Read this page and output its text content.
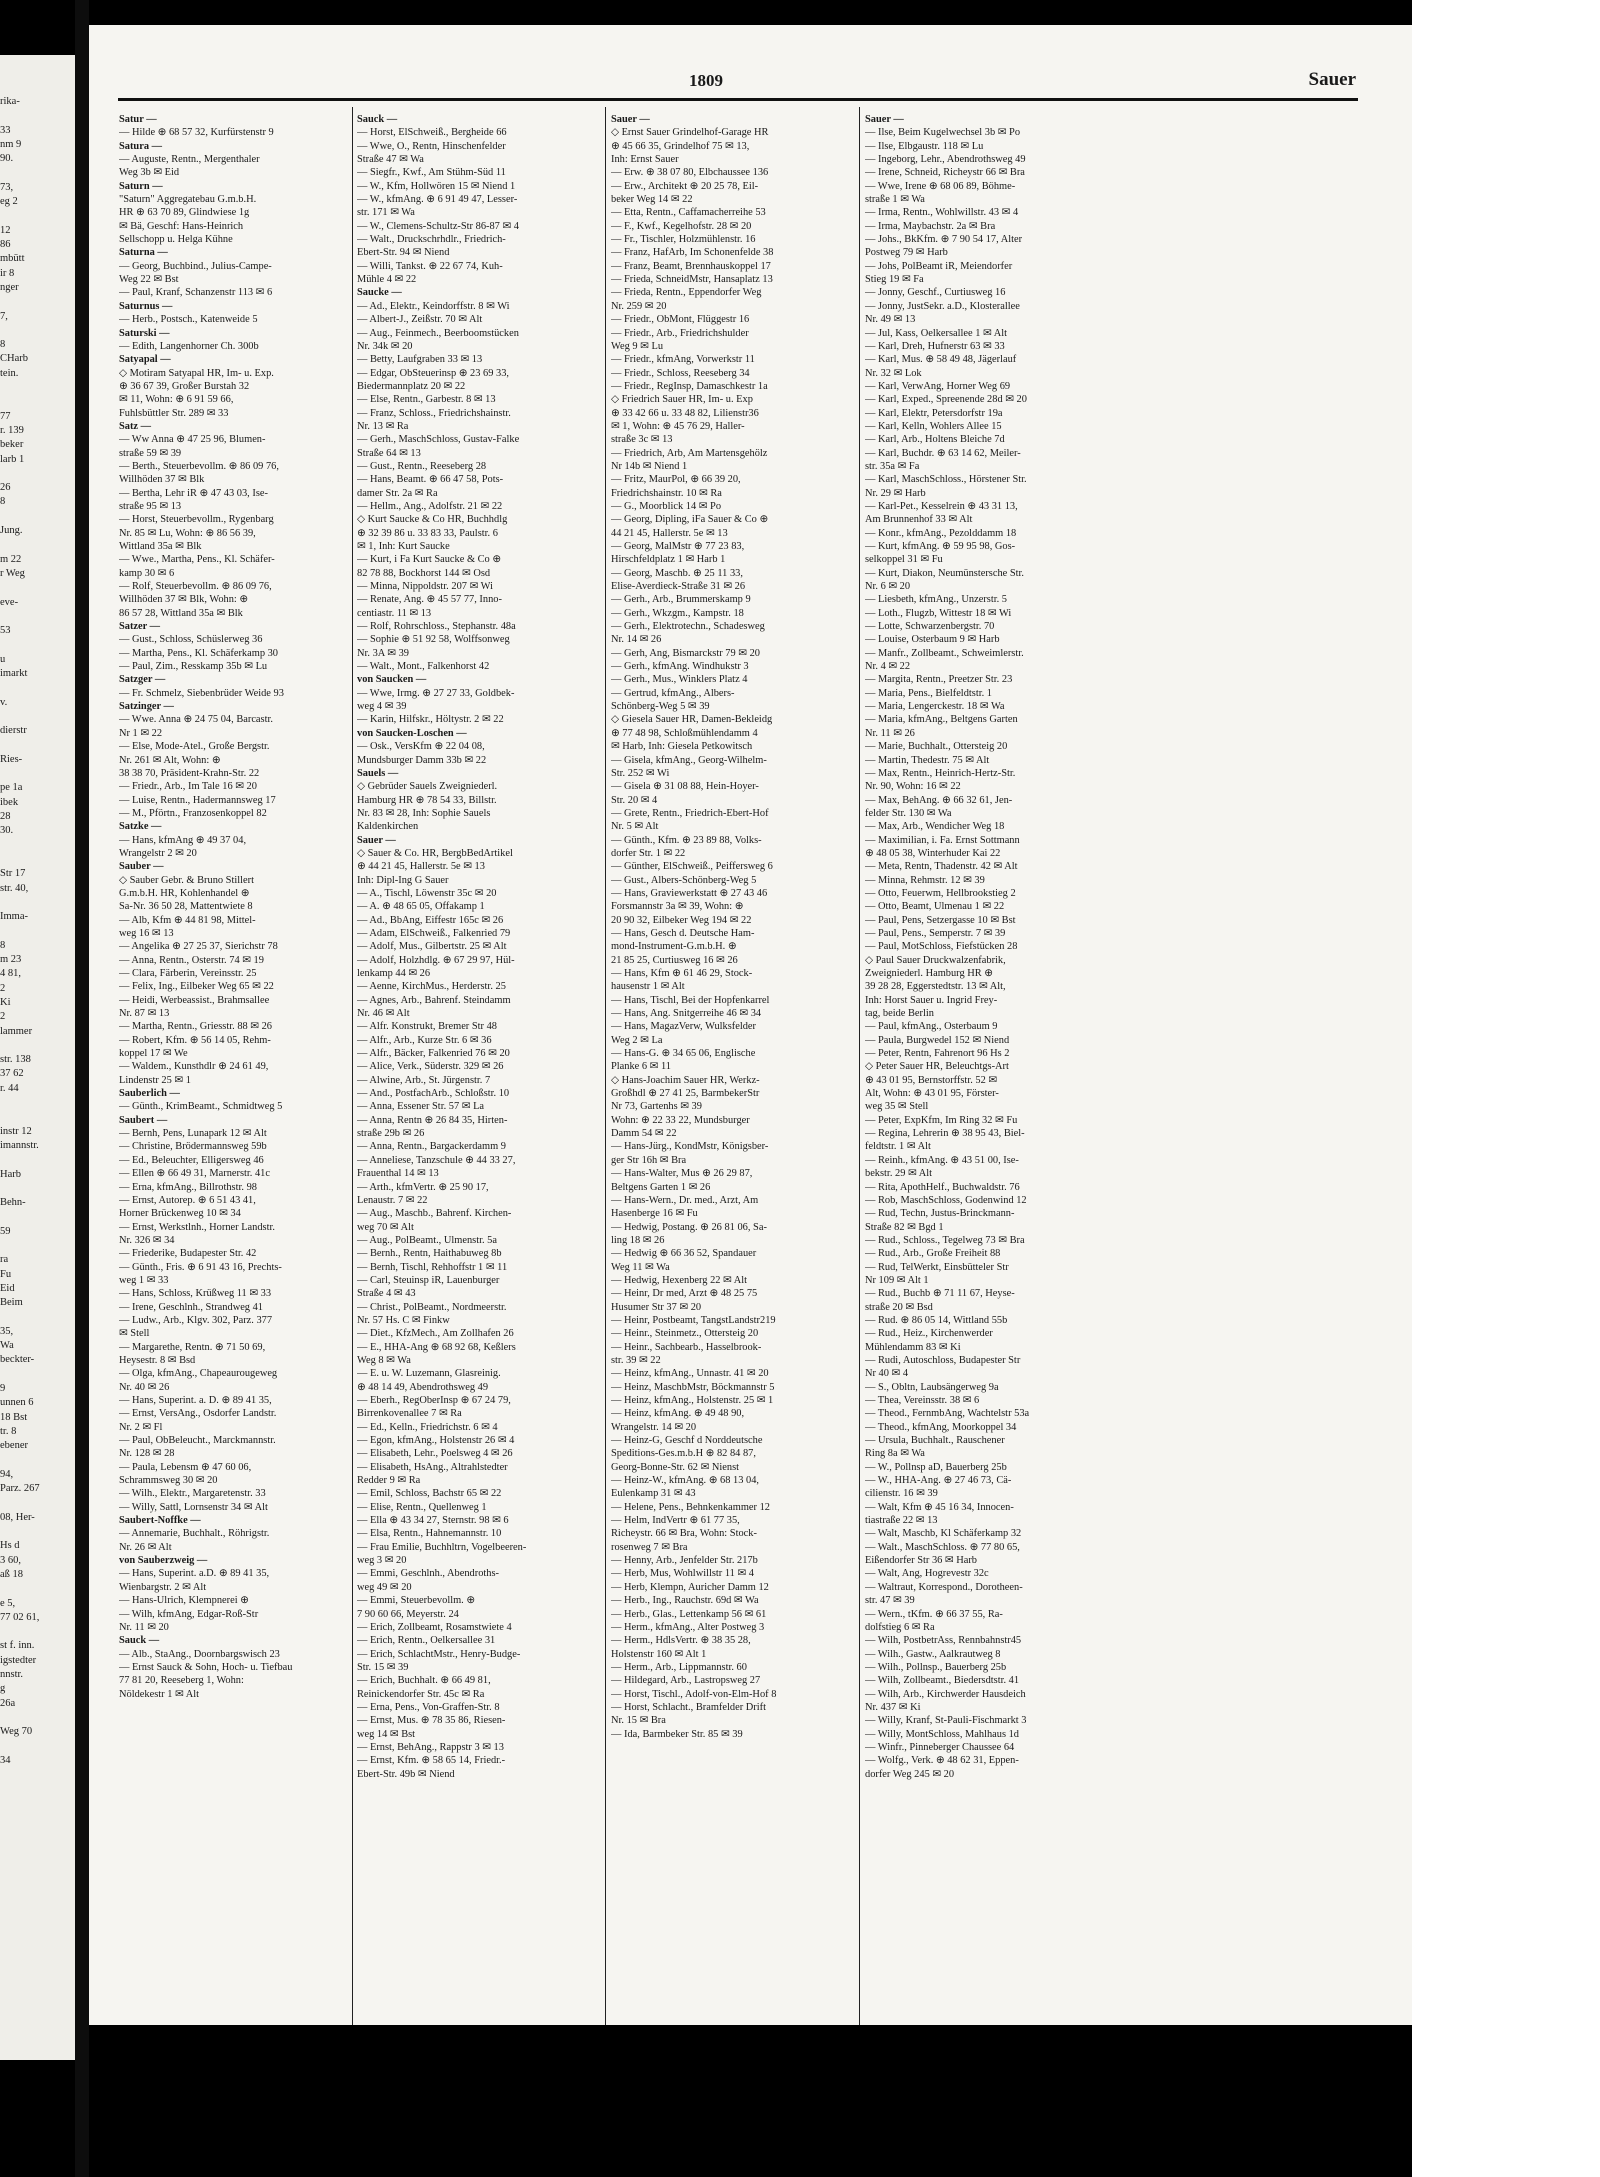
rika-
33
nm 9
90.
73,
eg 2
12
86
mbütt
ir 8
nger
7,
8
CHarb
tein.
77
r. 139
beker
larb 1
26
8
Jung.
m 22
r Weg
eve-
53
u
imarkt
v.
dierstr
Ries-
pe 1a
ibek
28
30.
Str 17
str. 40,
Imma-
8
m 23
4 81,
2
Ki
2
lammer
str. 138
37 62
r. 44
instr 12
imannstr.
Harb
Behn-
59
ra
Fu
Eid
Beim
35,
Wa
beckter-
9
unnen 6
18 Bst
tr. 8
ebener
94,
Parz. 267
08, Her-
Hs d
3 60,
aß 18
e 5,
77 02 61,
st f. inn.
igstedter
nnstr.
g
26a
Weg 70
34
1809	Sauer
Satur —
— Hilde ⊕ 68 57 32, Kurfürstenstr 9
Satura —
— Auguste, Rentn., Mergenthaler
Weg 3b ✉ Eid
Saturn —
"Saturn" Aggregatebau G.m.b.H.
HR ⊕ 63 70 89, Glindwiese 1g
✉ Bä, Geschf: Hans-Heinrich
Sellschopp u. Helga Kühne
Saturna —
— Georg, Buchbind., Julius-Campe-
Weg 22 ✉ Bst
— Paul, Kranf, Schanzenstr 113 ✉ 6
Saturnus —
— Herb., Postsch., Katenweide 5
Saturski —
— Edith, Langenhorner Ch. 300b
Satyapal —
◇ Motiram Satyapal HR, Im- u. Exp.
⊕ 36 67 39, Großer Burstah 32
✉ 11, Wohn: ⊕ 6 91 59 66,
Fuhlsbüttler Str. 289 ✉ 33
Satz —
— Ww Anna ⊕ 47 25 96, Blumen-
straße 59 ✉ 39
— Berth., Steuerbevollm. ⊕ 86 09 76,
Willhöden 37 ✉ Blk
— Bertha, Lehr iR ⊕ 47 43 03, Ise-
straße 95 ✉ 13
— Horst, Steuerbevollm., Rygenbarg
Nr. 85 ✉ Lu, Wohn: ⊕ 86 56 39,
Wittland 35a ✉ Blk
— Wwe., Martha, Pens., Kl. Schäfer-
kamp 30 ✉ 6
— Rolf, Steuerbevollm. ⊕ 86 09 76,
Willhöden 37 ✉ Blk, Wohn: ⊕
86 57 28, Wittland 35a ✉ Blk
Satzer —
— Gust., Schloss, Schüslerweg 36
— Martha, Pens., Kl. Schäferkamp 30
— Paul, Zim., Resskamp 35b ✉ Lu
Satzger —
— Fr. Schmelz, Siebenbrüder Weide 93
Satzinger —
— Wwe. Anna ⊕ 24 75 04, Barcastr.
Nr 1 ✉ 22
— Else, Mode-Atel., Große Bergstr.
Nr. 261 ✉ Alt, Wohn: ⊕
38 38 70, Präsident-Krahn-Str. 22
— Friedr., Arb., Im Tale 16 ✉ 20
— Luise, Rentn., Hadermannsweg 17
— M., Pförtn., Franzosenkoppel 82
Satzke —
— Hans, kfmAng ⊕ 49 37 04,
Wrangelstr 2 ✉ 20
Sauber —
◇ Sauber Gebr. & Bruno Stillert
G.m.b.H. HR, Kohlenhandel ⊕
Sa-Nr. 36 50 28, Mattentwiete 8
— Alb, Kfm ⊕ 44 81 98, Mittel-
weg 16 ✉ 13
— Angelika ⊕ 27 25 37, Sierichstr 78
— Anna, Rentn., Osterstr. 74 ✉ 19
— Clara, Färberin, Vereinsstr. 25
— Felix, Ing., Eilbeker Weg 65 ✉ 22
— Heidi, Werbeassist., Brahmsallee
Nr. 87 ✉ 13
— Martha, Rentn., Griesstr. 88 ✉ 26
— Robert, Kfm. ⊕ 56 14 05, Rehm-
koppel 17 ✉ We
— Waldem., Kunsthdlr ⊕ 24 61 49,
Lindenstr 25 ✉ 1
Sauberlich —
— Günth., KrimBeamt., Schmidtweg 5
Saubert —
— Bernh, Pens, Lunapark 12 ✉ Alt
— Christine, Brödermannsweg 59b
— Ed., Beleuchter, Elligersweg 46
— Ellen ⊕ 66 49 31, Marnerstr. 41c
— Erna, kfmAng., Billrothstr. 98
— Ernst, Autorep. ⊕ 6 51 43 41,
Horner Brückenweg 10 ✉ 34
— Ernst, Werkstlnh., Horner Landstr.
Nr. 326 ✉ 34
— Friederike, Budapester Str. 42
— Günth., Fris. ⊕ 6 91 43 16, Prechts-
weg 1 ✉ 33
— Hans, Schloss, Krüßweg 11 ✉ 33
— Irene, Geschlnh., Strandweg 41
— Ludw., Arb., Klgv. 302, Parz. 377
✉ Stell
— Margarethe, Rentn. ⊕ 71 50 69,
Heysestr. 8 ✉ Bsd
— Olga, kfmAng., Chapeaurougeweg
Nr. 40 ✉ 26
— Hans, Superint. a. D. ⊕ 89 41 35,
— Ernst, VersAng., Osdorfer Landstr.
Nr. 2 ✉ Fl
— Paul, ObBeleucht., Marckmannstr.
Nr. 128 ✉ 28
— Paula, Lebensm ⊕ 47 60 06,
Schrammsweg 30 ✉ 20
— Wilh., Elektr., Margaretenstr. 33
— Willy, Sattl, Lornsenstr 34 ✉ Alt
Saubert-Noffke —
— Annemarie, Buchhalt., Röhrigstr.
Nr. 26 ✉ Alt
von Sauberzweig —
— Hans, Superint. a.D. ⊕ 89 41 35,
Wienbargstr. 2 ✉ Alt
— Hans-Ulrich, Klempnerei ⊕
— Wilh, kfmAng, Edgar-Roß-Str
Nr. 11 ✉ 20
Sauck —
— Alb., StaAng., Doornbargswisch 23
— Ernst Sauck & Sohn, Hoch- u. Tiefbau
77 81 20, Reeseberg 1, Wohn:
Nöldekestr 1 ✉ Alt
Sauck —
— Horst, ElSchweiß., Bergheide 66
— Wwe, O., Rentn, Hinschenfelder
Straße 47 ✉ Wa
— Siegfr., Kwf., Am Stühm-Süd 11
— W., Kfm, Hollwören 15 ✉ Niend 1
— W., kfmAng. ⊕ 6 91 49 47, Lesser-
str. 171 ✉ Wa
— W., Clemens-Schultz-Str 86-87 ✉ 4
— Walt., Druckschrhdlr., Friedrich-
Ebert-Str. 94 ✉ Niend
— Willi, Tankst. ⊕ 22 67 74, Kuh-
Mühle 4 ✉ 22
Saucke —
— Ad., Elektr., Keindorffstr. 8 ✉ Wi
— Albert-J., Zeißstr. 70 ✉ Alt
— Aug., Feinmech., Beerboomstücken
Nr. 34k ✉ 20
— Betty, Laufgraben 33 ✉ 13
— Edgar, ObSteuerinsp ⊕ 23 69 33,
Biedermannplatz 20 ✉ 22
— Else, Rentn., Garbestr. 8 ✉ 13
— Franz, Schloss., Friedrichshainstr.
Nr. 13 ✉ Ra
— Gerh., MaschSchloss, Gustav-Falke
Straße 64 ✉ 13
— Gust., Rentn., Reeseberg 28
— Hans, Beamt. ⊕ 66 47 58, Pots-
damer Str. 2a ✉ Ra
— Hellm., Ang., Adolfstr. 21 ✉ 22
◇ Kurt Saucke & Co HR, Buchhdlg
⊕ 32 39 86 u. 33 83 33, Paulstr. 6
✉ 1, Inh: Kurt Saucke
— Kurt, i Fa Kurt Saucke & Co ⊕
82 78 88, Bockhorst 144 ✉ Osd
— Minna, Nippoldstr. 207 ✉ Wi
— Renate, Ang. ⊕ 45 57 77, Inno-
centiastr. 11 ✉ 13
— Rolf, Rohrschloss., Stephanstr. 48a
— Sophie ⊕ 51 92 58, Wolffsonweg
Nr. 3A ✉ 39
— Walt., Mont., Falkenhorst 42
von Saucken —
— Wwe, Irmg. ⊕ 27 27 33, Goldbek-
weg 4 ✉ 39
— Karin, Hilfskr., Höltystr. 2 ✉ 22
von Saucken-Loschen —
— Osk., VersKfm ⊕ 22 04 08,
Mundsburger Damm 33b ✉ 22
Sauels —
◇ Gebrüder Sauels Zweigniederl.
Hamburg HR ⊕ 78 54 33, Billstr.
Nr. 83 ✉ 28, Inh: Sophie Sauels
Kaldenkirchen
Sauer —
◇ Sauer & Co. HR, BergbBedArtikel
⊕ 44 21 45, Hallerstr. 5e ✉ 13
Inh: Dipl-Ing G Sauer
— A., Tischl, Löwenstr 35c ✉ 20
— A. ⊕ 48 65 05, Offakamp 1
— Ad., BbAng, Eiffestr 165c ✉ 26
— Adam, ElSchweiß., Falkenried 79
— Adolf, Mus., Gilbertstr. 25 ✉ Alt
— Adolf, Holzhdlg. ⊕ 67 29 97, Hül-
lenkamp 44 ✉ 26
— Aenne, KirchMus., Herderstr. 25
— Agnes, Arb., Bahrenf. Steindamm
Nr. 46 ✉ Alt
— Alfr. Konstrukt, Bremer Str 48
— Alfr., Arb., Kurze Str. 6 ✉ 36
— Alfr., Bäcker, Falkenried 76 ✉ 20
— Alice, Verk., Süderstr. 329 ✉ 26
— Alwine, Arb., St. Jürgenstr. 7
— And., PostfachArb., Schloßstr. 10
— Anna, Essener Str. 57 ✉ La
— Anna, Rentn ⊕ 26 84 35, Hirten-
straße 29b ✉ 26
— Anna, Rentn., Bargackerdamm 9
— Anneliese, Tanzschule ⊕ 44 33 27,
Frauenthal 14 ✉ 13
— Arth., kfmVertr. ⊕ 25 90 17,
Lenaustr. 7 ✉ 22
— Aug., Maschb., Bahrenf. Kirchen-
weg 70 ✉ Alt
— Aug., PolBeamt., Ulmenstr. 5a
— Bernh., Rentn, Haithabuweg 8b
— Bernh, Tischl, Rehhoffstr 1 ✉ 11
— Carl, Steuinsp iR, Lauenburger
Straße 4 ✉ 43
— Christ., PolBeamt., Nordmeerstr.
Nr. 57 Hs. C ✉ Finkw
— Diet., KfzMech., Am Zollhafen 26
— E., HHA-Ang ⊕ 68 92 68, Keßlers
Weg 8 ✉ Wa
— E. u. W. Luzemann, Glasreinig.
⊕ 48 14 49, Abendrothsweg 49
— Eberh., RegOberInsp ⊕ 67 24 79,
Birrenkovenallee 7 ✉ Ra
— Ed., Kelln., Friedrichstr. 6 ✉ 4
— Egon, kfmAng., Holstenstr 26 ✉ 4
— Elisabeth, Lehr., Poelsweg 4 ✉ 26
— Elisabeth, HsAng., Altrahlstedter
Redder 9 ✉ Ra
— Emil, Schloss, Bachstr 65 ✉ 22
— Elise, Rentn., Quellenweg 1
— Ella ⊕ 43 34 27, Sternstr. 98 ✉ 6
— Elsa, Rentn., Hahnemannstr. 10
— Frau Emilie, Buchhltrn, Vogelbeeren-
weg 3 ✉ 20
— Emmi, Geschlnh., Abendroths-
weg 49 ✉ 20
— Emmi, Steuerbevollm. ⊕
7 90 60 66, Meyerstr. 24
— Erich, Zollbeamt, Rosamstwiete 4
— Erich, Rentn., Oelkersallee 31
— Erich, SchlachtMstr., Henry-Budge-
Str. 15 ✉ 39
— Erich, Buchhalt. ⊕ 66 49 81,
Reinickendorfer Str. 45c ✉ Ra
— Erna, Pens., Von-Graffen-Str. 8
— Ernst, Mus. ⊕ 78 35 86, Riesen-
weg 14 ✉ Bst
— Ernst, BehAng., Rappstr 3 ✉ 13
— Ernst, Kfm. ⊕ 58 65 14, Friedr.-
Ebert-Str. 49b ✉ Niend
Sauer —
◇ Ernst Sauer Grindelhof-Garage HR
⊕ 45 66 35, Grindelhof 75 ✉ 13,
Inh: Ernst Sauer
— Erw. ⊕ 38 07 80, Elbchaussee 136
— Erw., Architekt ⊕ 20 25 78, Eil-
beker Weg 14 ✉ 22
— Etta, Rentn., Caffamacherreihe 53
— F., Kwf., Kegelhofstr. 28 ✉ 20
— Fr., Tischler, Holzmühlenstr. 16
— Franz, HafArb, Im Schonenfelde 38
— Franz, Beamt, Brennhauskoppel 17
— Frieda, SchneidMstr, Hansaplatz 13
— Frieda, Rentn., Eppendorfer Weg
Nr. 259 ✉ 20
— Friedr., ObMont, Flüggestr 16
— Friedr., Arb., Friedrichshulder
Weg 9 ✉ Lu
— Friedr., kfmAng, Vorwerkstr 11
— Friedr., Schloss, Reeseberg 34
— Friedr., RegInsp, Damaschkestr 1a
◇ Friedrich Sauer HR, Im- u. Exp
⊕ 33 42 66 u. 33 48 82, Lilienstr36
✉ 1, Wohn: ⊕ 45 76 29, Haller-
straße 3c ✉ 13
— Friedrich, Arb, Am Martensgehölz
Nr 14b ✉ Niend 1
— Fritz, MaurPol, ⊕ 66 39 20,
Friedrichshainstr. 10 ✉ Ra
— G., Moorblick 14 ✉ Po
— Georg, Dipling, iFa Sauer & Co ⊕
44 21 45, Hallerstr. 5e ✉ 13
— Georg, MalMstr ⊕ 77 23 83,
Hirschfeldplatz 1 ✉ Harb 1
— Georg, Maschb. ⊕ 25 11 33,
Elise-Averdieck-Straße 31 ✉ 26
— Gerh., Arb., Brummerskamp 9
— Gerh., Wkzgm., Kampstr. 18
— Gerh., Elektrotechn., Schadesweg
Nr. 14 ✉ 26
— Gerh, Ang, Bismarckstr 79 ✉ 20
— Gerh., kfmAng. Windhukstr 3
— Gerh., Mus., Winklers Platz 4
— Gertrud, kfmAng., Albers-
Schönberg-Weg 5 ✉ 39
◇ Giesela Sauer HR, Damen-Bekleidg
⊕ 77 48 98, Schloßmühlendamm 4
✉ Harb, Inh: Giesela Petkowitsch
— Gisela, kfmAng., Georg-Wilhelm-
Str. 252 ✉ Wi
— Gisela ⊕ 31 08 88, Hein-Hoyer-
Str. 20 ✉ 4
— Grete, Rentn., Friedrich-Ebert-Hof
Nr. 5 ✉ Alt
— Günth., Kfm. ⊕ 23 89 88, Volks-
dorfer Str. 1 ✉ 22
— Günther, ElSchweiß., Peiffersweg 6
— Gust., Albers-Schönberg-Weg 5
— Hans, Graviewerkstatt ⊕ 27 43 46
Forsmannstr 3a ✉ 39, Wohn: ⊕
20 90 32, Eilbeker Weg 194 ✉ 22
— Hans, Gesch d. Deutsche Ham-
mond-Instrument-G.m.b.H. ⊕
21 85 25, Curtiusweg 16 ✉ 26
— Hans, Kfm ⊕ 61 46 29, Stock-
hausenstr 1 ✉ Alt
— Hans, Tischl, Bei der Hopfenkarrel
— Hans, Ang. Snitgerreihe 46 ✉ 34
— Hans, MagazVerw, Wulksfelder
Weg 2 ✉ La
— Hans-G. ⊕ 34 65 06, Englische
Planke 6 ✉ 11
◇ Hans-Joachim Sauer HR, Werkz-
Großhdl ⊕ 27 41 25, BarmbekerStr
Nr 73, Gartenhs ✉ 39
Wohn: ⊕ 22 33 22, Mundsburger
Damm 54 ✉ 22
— Hans-Jürg., KondMstr, Königsber-
ger Str 16h ✉ Bra
— Hans-Walter, Mus ⊕ 26 29 87,
Beltgens Garten 1 ✉ 26
— Hans-Wern., Dr. med., Arzt, Am
Hasenberge 16 ✉ Fu
— Hedwig, Postang. ⊕ 26 81 06, Sa-
ling 18 ✉ 26
— Hedwig ⊕ 66 36 52, Spandauer
Weg 11 ✉ Wa
— Hedwig, Hexenberg 22 ✉ Alt
— Heinr, Dr med, Arzt ⊕ 48 25 75
Husumer Str 37 ✉ 20
— Heinr, Postbeamt, TangstLandstr219
— Heinr., Steinmetz., Ottersteig 20
— Heinr., Sachbearb., Hasselbrook-
str. 39 ✉ 22
— Heinz, kfmAng., Unnastr. 41 ✉ 20
— Heinz, MaschbMstr, Böckmannstr 5
— Heinz, kfmAng., Holstenstr. 25 ✉ 1
— Heinz, kfmAng. ⊕ 49 48 90,
Wrangelstr. 14 ✉ 20
— Heinz-G, Geschf d Norddeutsche
Speditions-Ges.m.b.H ⊕ 82 84 87,
Georg-Bonne-Str. 62 ✉ Nienst
— Heinz-W., kfmAng. ⊕ 68 13 04,
Eulenkamp 31 ✉ 43
— Helene, Pens., Behnkenkammer 12
— Helm, IndVertr ⊕ 61 77 35,
Richeystr. 66 ✉ Bra, Wohn: Stock-
rosenweg 7 ✉ Bra
— Henny, Arb., Jenfelder Str. 217b
— Herb, Mus, Wohlwillstr 11 ✉ 4
— Herb, Klempn, Auricher Damm 12
— Herb., Ing., Rauchstr. 69d ✉ Wa
— Herb., Glas., Lettenkamp 56 ✉ 61
— Herm., kfmAng., Alter Postweg 3
— Herm., HdlsVertr. ⊕ 38 35 28,
Holstenstr 160 ✉ Alt 1
— Herm., Arb., Lippmannstr. 60
— Hildegard, Arb., Lastropsweg 27
— Horst, Tischl., Adolf-von-Elm-Hof 8
— Horst, Schlacht., Bramfelder Drift
Nr. 15 ✉ Bra
— Ida, Barmbeker Str. 85 ✉ 39
Sauer —
— Ilse, Beim Kugelwechsel 3b ✉ Po
— Ilse, Elbgaustr. 118 ✉ Lu
— Ingeborg, Lehr., Abendrothsweg 49
— Irene, Schneid, Richeystr 66 ✉ Bra
— Wwe, Irene ⊕ 68 06 89, Böhme-
straße 1 ✉ Wa
— Irma, Rentn., Wohlwillstr. 43 ✉ 4
— Irma, Maybachstr. 2a ✉ Bra
— Johs., BkKfm. ⊕ 7 90 54 17, Alter
Postweg 79 ✉ Harb
— Johs, PolBeamt iR, Meiendorfer
Stieg 19 ✉ Fa
— Jonny, Geschf., Curtiusweg 16
— Jonny, JustSekr. a.D., Klosterallee
Nr. 49 ✉ 13
— Jul, Kass, Oelkersallee 1 ✉ Alt
— Karl, Dreh, Hufnerstr 63 ✉ 33
— Karl, Mus. ⊕ 58 49 48, Jägerlauf
Nr. 32 ✉ Lok
— Karl, VerwAng, Horner Weg 69
— Karl, Exped., Spreenende 28d ✉ 20
— Karl, Elektr, Petersdorfstr 19a
— Karl, Kelln, Wohlers Allee 15
— Karl, Arb., Holtens Bleiche 7d
— Karl, Buchdr. ⊕ 63 14 62, Meiler-
str. 35a ✉ Fa
— Karl, MaschSchloss., Hörstener Str.
Nr. 29 ✉ Harb
— Karl-Pet., Kesselrein ⊕ 43 31 13,
Am Brunnenhof 33 ✉ Alt
— Konr., kfmAng., Pezolddamm 18
— Kurt, kfmAng. ⊕ 59 95 98, Gos-
selkoppel 31 ✉ Fu
— Kurt, Diakon, Neumünstersche Str.
Nr. 6 ✉ 20
— Liesbeth, kfmAng., Unzerstr. 5
— Loth., Flugzb, Wittestr 18 ✉ Wi
— Lotte, Schwarzenbergstr. 70
— Louise, Osterbaum 9 ✉ Harb
— Manfr., Zollbeamt., Schweimlerstr.
Nr. 4 ✉ 22
— Margita, Rentn., Preetzer Str. 23
— Maria, Pens., Bielfeldtstr. 1
— Maria, Lengerckestr. 18 ✉ Wa
— Maria, kfmAng., Beltgens Garten
Nr. 11 ✉ 26
— Marie, Buchhalt., Ottersteig 20
— Martin, Thedestr. 75 ✉ Alt
— Max, Rentn., Heinrich-Hertz-Str.
Nr. 90, Wohn: 16 ✉ 22
— Max, BehAng. ⊕ 66 32 61, Jen-
felder Str. 130 ✉ Wa
— Max, Arb., Wendicher Weg 18
— Maximilian, i. Fa. Ernst Sottmann
⊕ 48 05 38, Winterhuder Kai 22
— Meta, Rentn, Thadenstr. 42 ✉ Alt
— Minna, Rehmstr. 12 ✉ 39
— Otto, Feuerwm, Hellbrookstieg 2
— Otto, Beamt, Ulmenau 1 ✉ 22
— Paul, Pens, Setzergasse 10 ✉ Bst
— Paul, Pens., Semperstr. 7 ✉ 39
— Paul, MotSchloss, Fiefstücken 28
◇ Paul Sauer Druckwalzenfabrik,
Zweigniederl. Hamburg HR ⊕
39 28 28, Eggerstedtstr. 13 ✉ Alt,
Inh: Horst Sauer u. Ingrid Frey-
tag, beide Berlin
— Paul, kfmAng., Osterbaum 9
— Paula, Burgwedel 152 ✉ Niend
— Peter, Rentn, Fahrenort 96 Hs 2
◇ Peter Sauer HR, Beleuchtgs-Art
⊕ 43 01 95, Bernstorffstr. 52 ✉
Alt, Wohn: ⊕ 43 01 95, Förster-
weg 35 ✉ Stell
— Peter, ExpKfm, Im Ring 32 ✉ Fu
— Regina, Lehrerin ⊕ 38 95 43, Biel-
feldtstr. 1 ✉ Alt
— Reinh., kfmAng. ⊕ 43 51 00, Ise-
bekstr. 29 ✉ Alt
— Rita, ApothHelf., Buchwaldstr. 76
— Rob, MaschSchloss, Godenwind 12
— Rud, Techn, Justus-Brinckmann-
Straße 82 ✉ Bgd 1
— Rud., Schloss., Tegelweg 73 ✉ Bra
— Rud., Arb., Große Freiheit 88
— Rud, TelWerkt, Einsbütteler Str
Nr 109 ✉ Alt 1
— Rud., Buchb ⊕ 71 11 67, Heyse-
straße 20 ✉ Bsd
— Rud. ⊕ 86 05 14, Wittland 55b
— Rud., Heiz., Kirchenwerder
Mühlendamm 83 ✉ Ki
— Rudi, Autoschloss, Budapester Str
Nr 40 ✉ 4
— S., Obltn, Laubsängerweg 9a
— Thea, Vereinsstr. 38 ✉ 6
— Theod., FernmbAng, Wachtelstr 53a
— Theod., kfmAng, Moorkoppel 34
— Ursula, Buchhalt., Rauschener
Ring 8a ✉ Wa
— W., Pollnsp aD, Bauerberg 25b
— W., HHA-Ang. ⊕ 27 46 73, Cä-
cilienstr. 16 ✉ 39
— Walt, Kfm ⊕ 45 16 34, Innocen-
tiastraße 22 ✉ 13
— Walt, Maschb, Kl Schäferkamp 32
— Walt., MaschSchloss. ⊕ 77 80 65,
Eißendorfer Str 36 ✉ Harb
— Walt, Ang, Hogrevestr 32c
— Waltraut, Korrespond., Dorotheen-
str. 47 ✉ 39
— Wern., tKfm. ⊕ 66 37 55, Ra-
dolfstieg 6 ✉ Ra
— Wilh, PostbetrAss, Rennbahnstr45
— Wilh., Gastw., Aalkrautweg 8
— Wilh., Pollnsp., Bauerberg 25b
— Wilh, Zollbeamt., Biedersdtstr. 41
— Wilh, Arb., Kirchwerder Hausdeich
Nr. 437 ✉ Ki
— Willy, Kranf, St-Pauli-Fischmarkt 3
— Willy, MontSchloss, Mahlhaus 1d
— Winfr., Pinneberger Chaussee 64
— Wolfg., Verk. ⊕ 48 62 31, Eppen-
dorfer Weg 245 ✉ 20
